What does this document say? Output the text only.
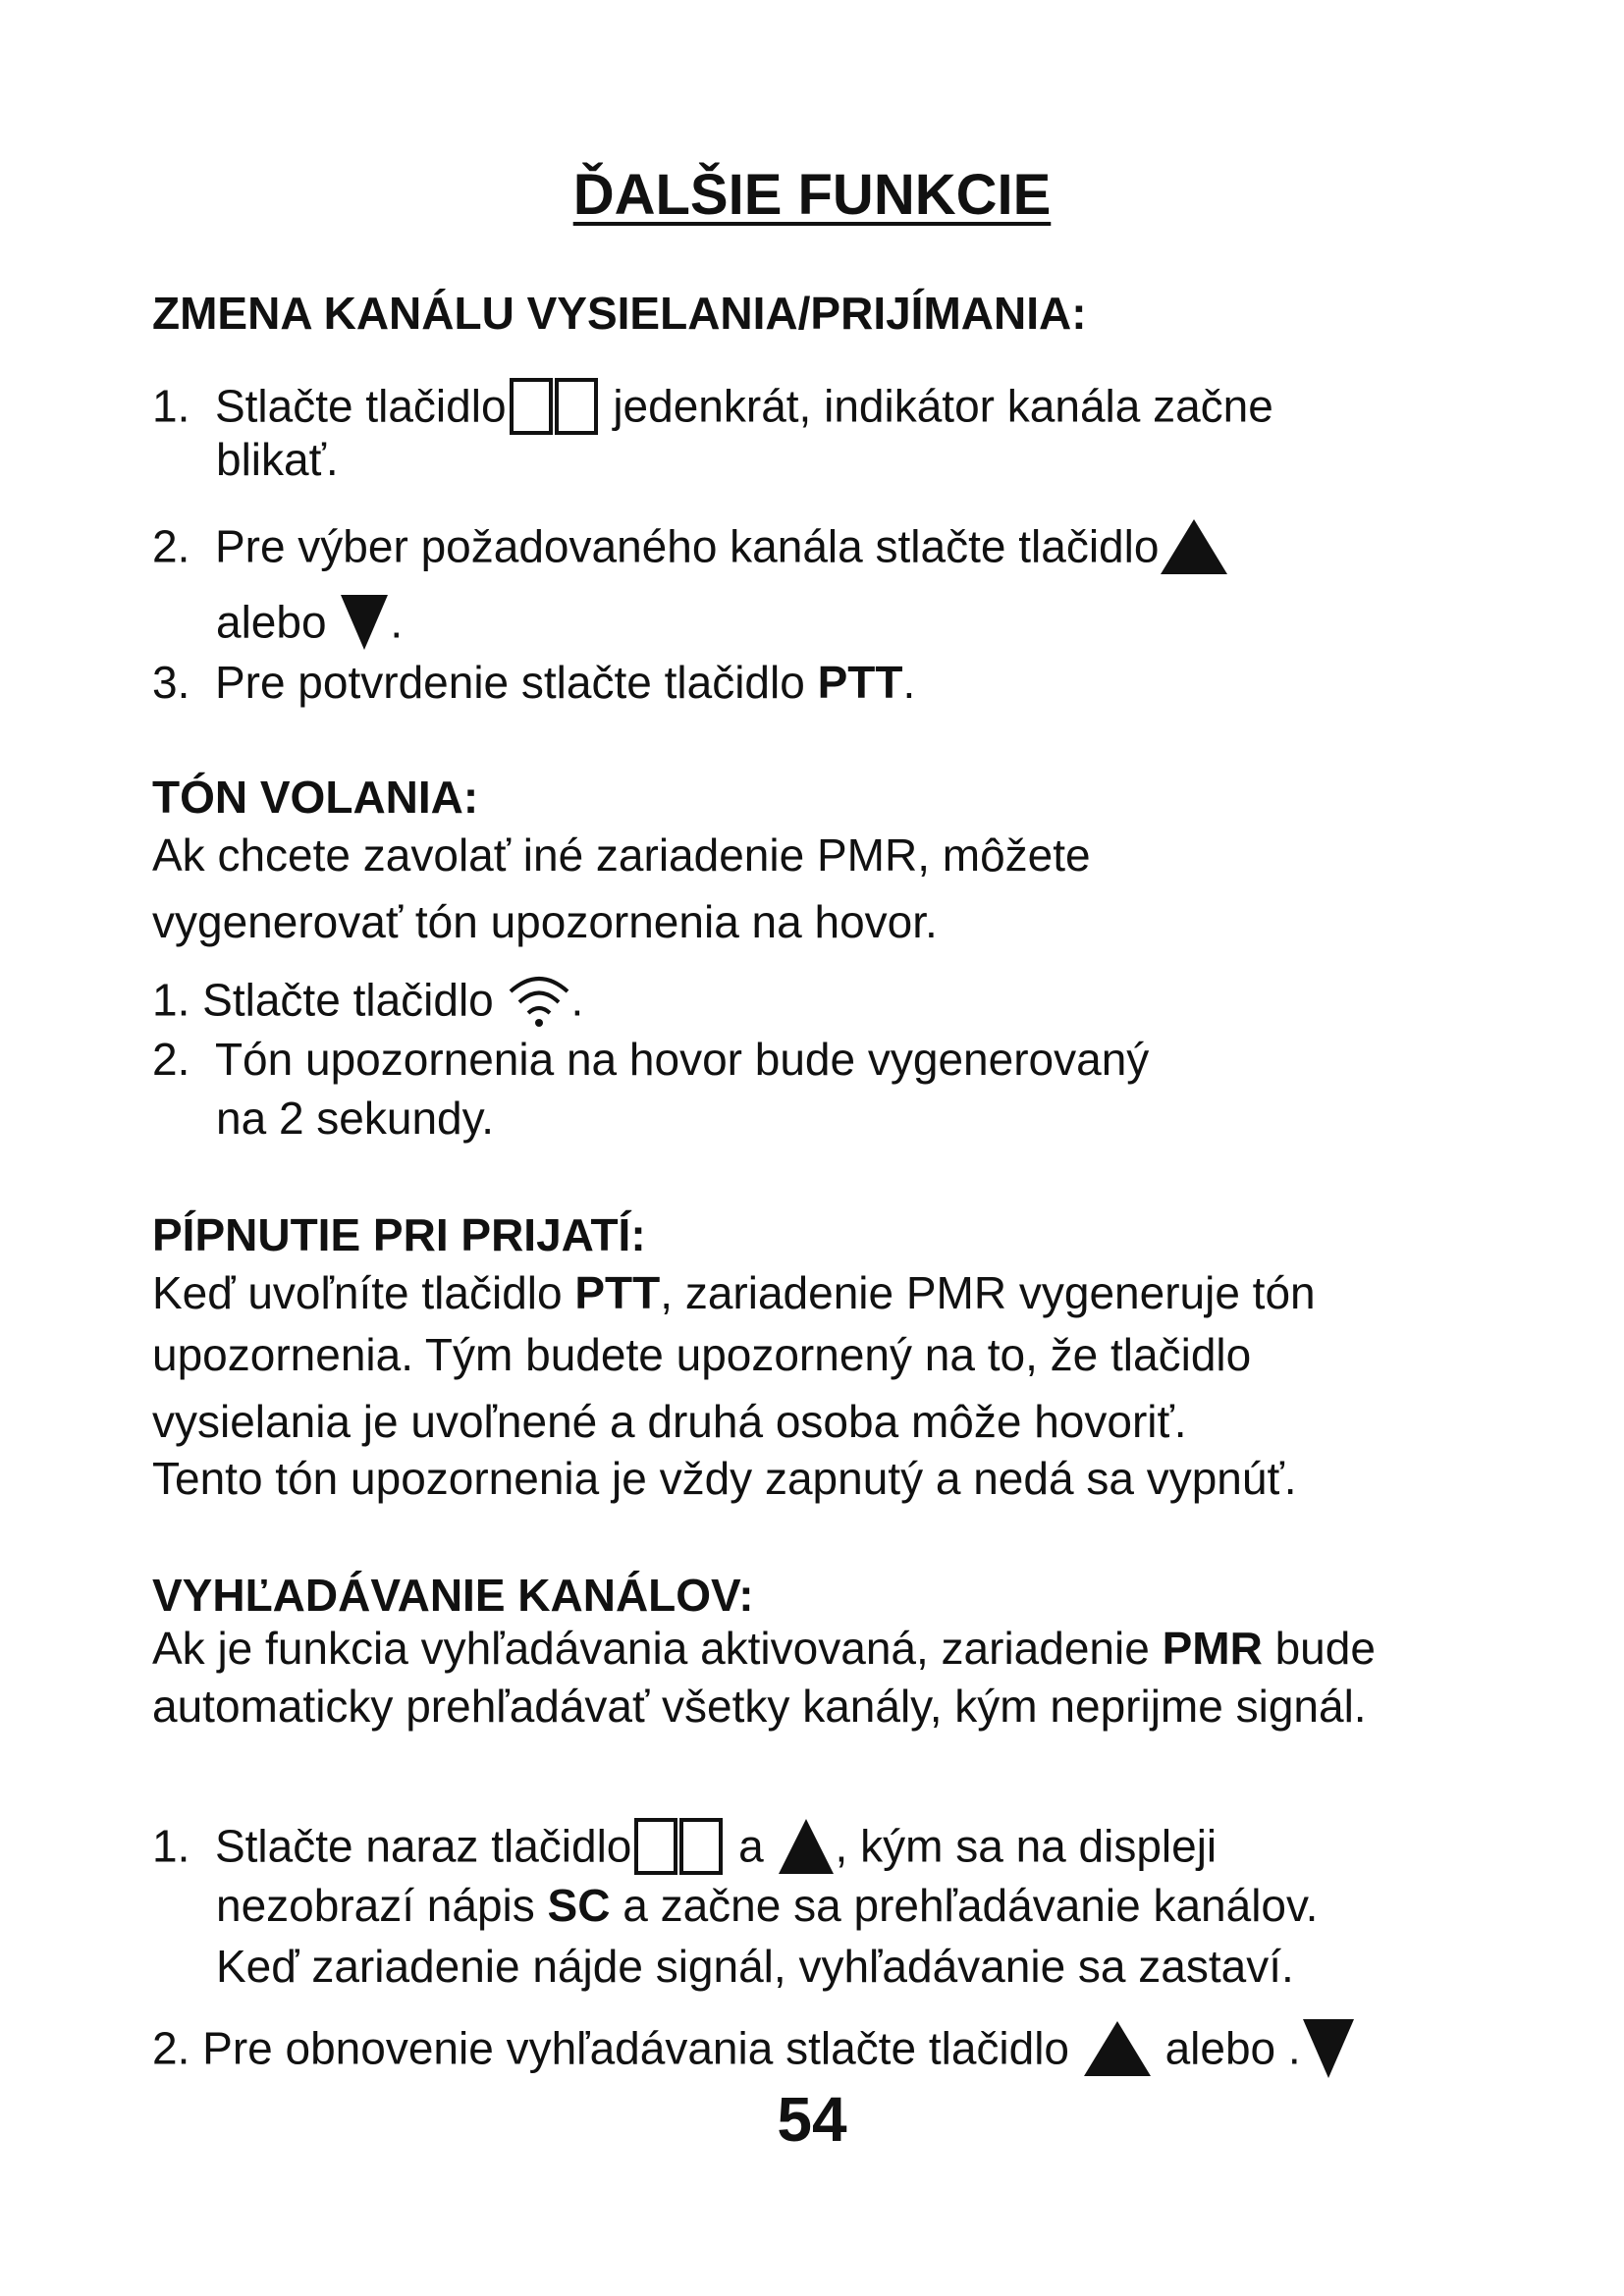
ĎALŠIE FUNKCIE
ZMENA KANÁLU VYSIELANIA/PRIJÍMANIA:
1. Stlačte tlačidlo jedenkrát, indikátor kanála začne
blikať.
2. Pre výber požadovaného kanála stlačte tlačidlo
alebo .
3. Pre potvrdenie stlačte tlačidlo PTT.
TÓN VOLANIA:
Ak chcete zavolať iné zariadenie PMR, môžete
vygenerovať tón upozornenia na hovor.
1. Stlačte tlačidlo .
2. Tón upozornenia na hovor bude vygenerovaný
na 2 sekundy.
PÍPNUTIE PRI PRIJATÍ:
Keď uvoľníte tlačidlo PTT, zariadenie PMR vygeneruje tón
upozornenia. Tým budete upozornený na to, že tlačidlo
vysielania je uvoľnené a druhá osoba môže hovoriť.
Tento tón upozornenia je vždy zapnutý a nedá sa vypnúť.
VYHĽADÁVANIE KANÁLOV:
Ak je funkcia vyhľadávania aktivovaná, zariadenie PMR bude
automaticky prehľadávať všetky kanály, kým neprijme signál.
1. Stlačte naraz tlačidlo a , kým sa na displeji
nezobrazí nápis SC a začne sa prehľadávanie kanálov.
Keď zariadenie nájde signál, vyhľadávanie sa zastaví.
2. Pre obnovenie vyhľadávania stlačte tlačidlo  alebo .
54
